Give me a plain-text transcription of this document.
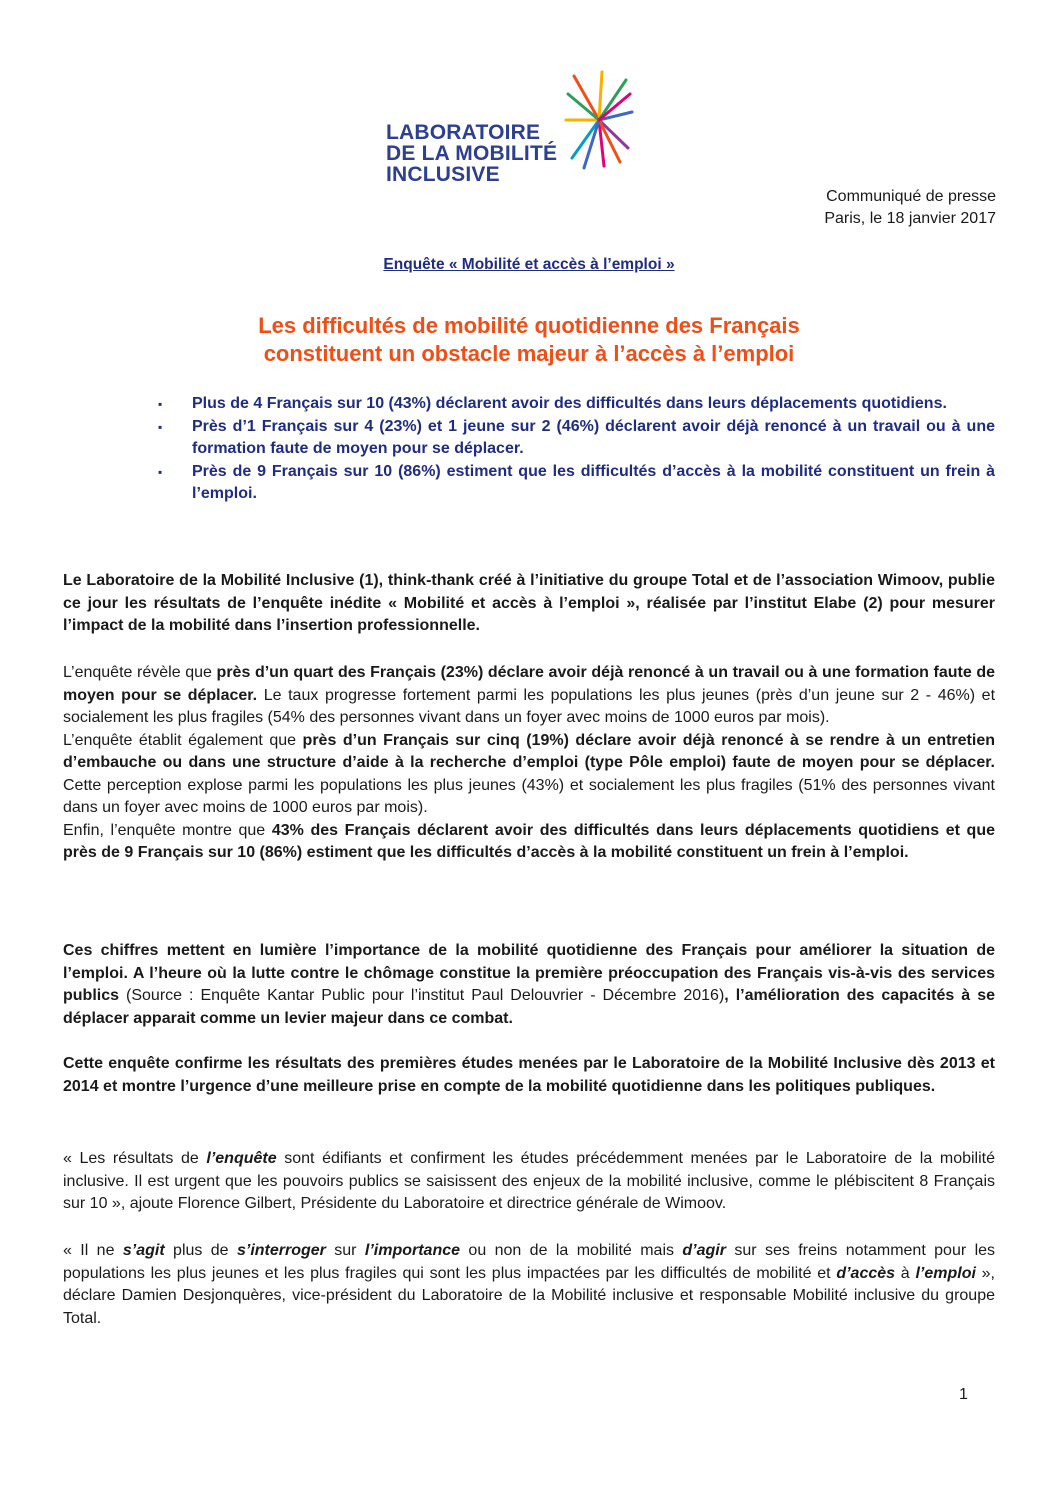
LABORATOIRE
DE LA MOBILITÉ
INCLUSIVE
Communiqué de presse
Paris, le 18 janvier 2017
Enquête « Mobilité et accès à l’emploi »
Les difficultés de mobilité quotidienne des Français
constituent un obstacle majeur à l’accès à l’emploi
▪ Plus de 4 Français sur 10 (43%) déclarent avoir des difficultés dans leurs déplacements quotidiens.
▪ Près d’1 Français sur 4 (23%) et 1 jeune sur 2 (46%) déclarent avoir déjà renoncé à un travail ou à une formation faute de moyen pour se déplacer.
▪ Près de 9 Français sur 10 (86%) estiment que les difficultés d’accès à la mobilité constituent un frein à l’emploi.

Le Laboratoire de la Mobilité Inclusive (1), think-thank créé à l’initiative du groupe Total et de l’association Wimoov, publie ce jour les résultats de l’enquête inédite « Mobilité et accès à l’emploi », réalisée par l’institut Elabe (2) pour mesurer l’impact de la mobilité dans l’insertion professionnelle.

L’enquête révèle que près d’un quart des Français (23%) déclare avoir déjà renoncé à un travail ou à une formation faute de moyen pour se déplacer. Le taux progresse fortement parmi les populations les plus jeunes (près d’un jeune sur 2 - 46%) et socialement les plus fragiles (54% des personnes vivant dans un foyer avec moins de 1000 euros par mois).

L’enquête établit également que près d’un Français sur cinq (19%) déclare avoir déjà renoncé à se rendre à un entretien d’embauche ou dans une structure d’aide à la recherche d’emploi (type Pôle emploi) faute de moyen pour se déplacer. Cette perception explose parmi les populations les plus jeunes (43%) et socialement les plus fragiles (51% des personnes vivant dans un foyer avec moins de 1000 euros par mois).

Enfin, l’enquête montre que 43% des Français déclarent avoir des difficultés dans leurs déplacements quotidiens et que près de 9 Français sur 10 (86%) estiment que les difficultés d’accès à la mobilité constituent un frein à l’emploi.

Ces chiffres mettent en lumière l’importance de la mobilité quotidienne des Français pour améliorer la situation de l’emploi. A l’heure où la lutte contre le chômage constitue la première préoccupation des Français vis-à-vis des services publics (Source : Enquête Kantar Public pour l’institut Paul Delouvrier - Décembre 2016), l’amélioration des capacités à se déplacer apparait comme un levier majeur dans ce combat.

Cette enquête confirme les résultats des premières études menées par le Laboratoire de la Mobilité Inclusive dès 2013 et 2014 et montre l’urgence d’une meilleure prise en compte de la mobilité quotidienne dans les politiques publiques.

« Les résultats de l’enquête sont édifiants et confirment les études précédemment menées par le Laboratoire de la mobilité inclusive. Il est urgent que les pouvoirs publics se saisissent des enjeux de la mobilité inclusive, comme le plébiscitent 8 Français sur 10 », ajoute Florence Gilbert, Présidente du Laboratoire et directrice générale de Wimoov.

« Il ne s’agit plus de s’interroger sur l’importance ou non de la mobilité mais d’agir sur ses freins notamment pour les populations les plus jeunes et les plus fragiles qui sont les plus impactées par les difficultés de mobilité et d’accès à l’emploi », déclare Damien Desjonquères, vice-président du Laboratoire de la Mobilité inclusive et responsable Mobilité inclusive du groupe Total.

1
